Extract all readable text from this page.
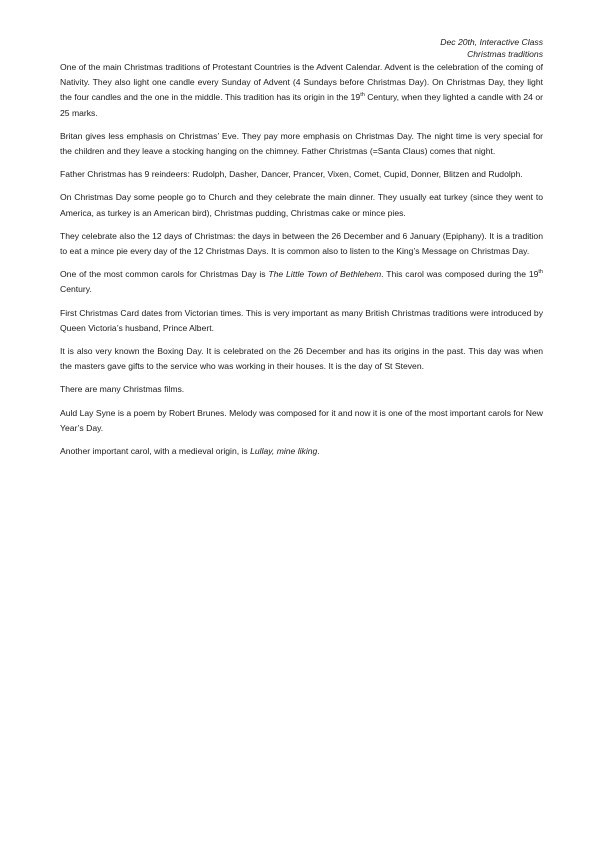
Dec 20th, Interactive Class
Christmas traditions

One of the main Christmas traditions of Protestant Countries is the Advent Calendar. Advent is the celebration of the coming of Nativity. They also light one candle every Sunday of Advent (4 Sundays before Christmas Day). On Christmas Day, they light the four candles and the one in the middle. This tradition has its origin in the 19th Century, when they lighted a candle with 24 or 25 marks.

Britan gives less emphasis on Christmas’ Eve. They pay more emphasis on Christmas Day. The night time is very special for the children and they leave a stocking hanging on the chimney. Father Christmas (=Santa Claus) comes that night.

Father Christmas has 9 reindeers: Rudolph, Dasher, Dancer, Prancer, Vixen, Comet, Cupid, Donner, Blitzen and Rudolph.

On Christmas Day some people go to Church and they celebrate the main dinner. They usually eat turkey (since they went to America, as turkey is an American bird), Christmas pudding, Christmas cake or mince pies.

They celebrate also the 12 days of Christmas: the days in between the 26 December and 6 January (Epiphany). It is a tradition to eat a mince pie every day of the 12 Christmas Days. It is common also to listen to the King’s Message on Christmas Day.

One of the most common carols for Christmas Day is The Little Town of Bethlehem. This carol was composed during the 19th Century.

First Christmas Card dates from Victorian times. This is very important as many British Christmas traditions were introduced by Queen Victoria’s husband, Prince Albert.

It is also very known the Boxing Day. It is celebrated on the 26 December and has its origins in the past. This day was when the masters gave gifts to the service who was working in their houses. It is the day of St Steven.

There are many Christmas films.

Auld Lay Syne is a poem by Robert Brunes. Melody was composed for it and now it is one of the most important carols for New Year’s Day.

Another important carol, with a medieval origin, is Lullay, mine liking.
